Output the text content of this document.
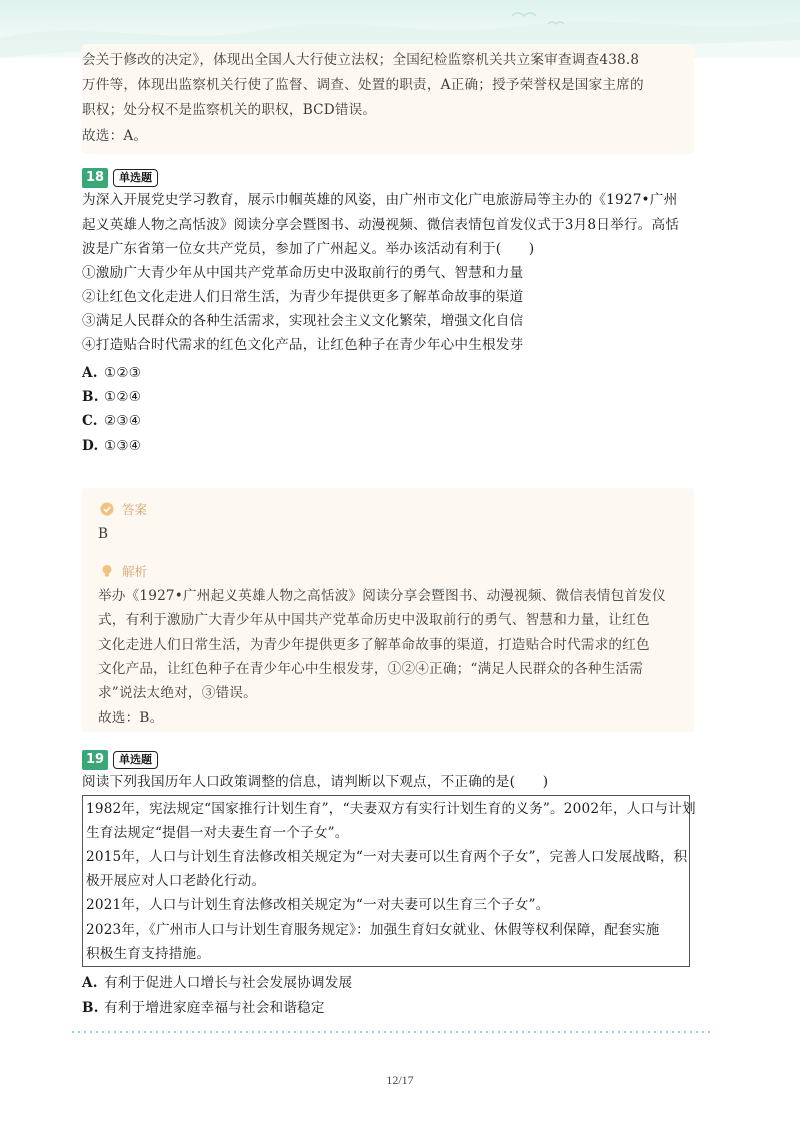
会关于修改的决定》，体现出全国人大行使立法权；全国纪检监察机关共立案审查调查438.8
万件等，体现出监察机关行使了监督、调查、处置的职责，A正确；授予荣誉权是国家主席的
职权；处分权不是监察机关的职权，BCD错误。
故选：A。
18	单选题
为深入开展党史学习教育，展示巾帼英雄的风姿，由广州市文化广电旅游局等主办的《1927•广州
起义英雄人物之高恬波》阅读分享会暨图书、动漫视频、微信表情包首发仪式于3月8日举行。高恬
波是广东省第一位女共产党员，参加了广州起义。举办该活动有利于(　　)
①激励广大青少年从中国共产党革命历史中汲取前行的勇气、智慧和力量
②让红色文化走进人们日常生活，为青少年提供更多了解革命故事的渠道
③满足人民群众的各种生活需求，实现社会主义文化繁荣，增强文化自信
④打造贴合时代需求的红色文化产品，让红色种子在青少年心中生根发芽
A. ①②③
B. ①②④
C. ②③④
D. ①③④
答案
B
解析
举办《1927•广州起义英雄人物之高恬波》阅读分享会暨图书、动漫视频、微信表情包首发仪
式，有利于激励广大青少年从中国共产党革命历史中汲取前行的勇气、智慧和力量，让红色
文化走进人们日常生活，为青少年提供更多了解革命故事的渠道，打造贴合时代需求的红色
文化产品，让红色种子在青少年心中生根发芽，①②④正确；“满足人民群众的各种生活需
求”说法太绝对，③错误。
故选：B。
19	单选题
阅读下列我国历年人口政策调整的信息，请判断以下观点，不正确的是(　　)
1982年，宪法规定“国家推行计划生育”，“夫妻双方有实行计划生育的义务”。2002年，人口与计划
生育法规定“提倡一对夫妻生育一个子女”。
2015年，人口与计划生育法修改相关规定为“一对夫妻可以生育两个子女”，完善人口发展战略，积
极开展应对人口老龄化行动。
2021年，人口与计划生育法修改相关规定为“一对夫妻可以生育三个子女”。
2023年，《广州市人口与计划生育服务规定》：加强生育妇女就业、休假等权利保障，配套实施
积极生育支持措施。
A. 有利于促进人口增长与社会发展协调发展
B. 有利于增进家庭幸福与社会和谐稳定
12/17
